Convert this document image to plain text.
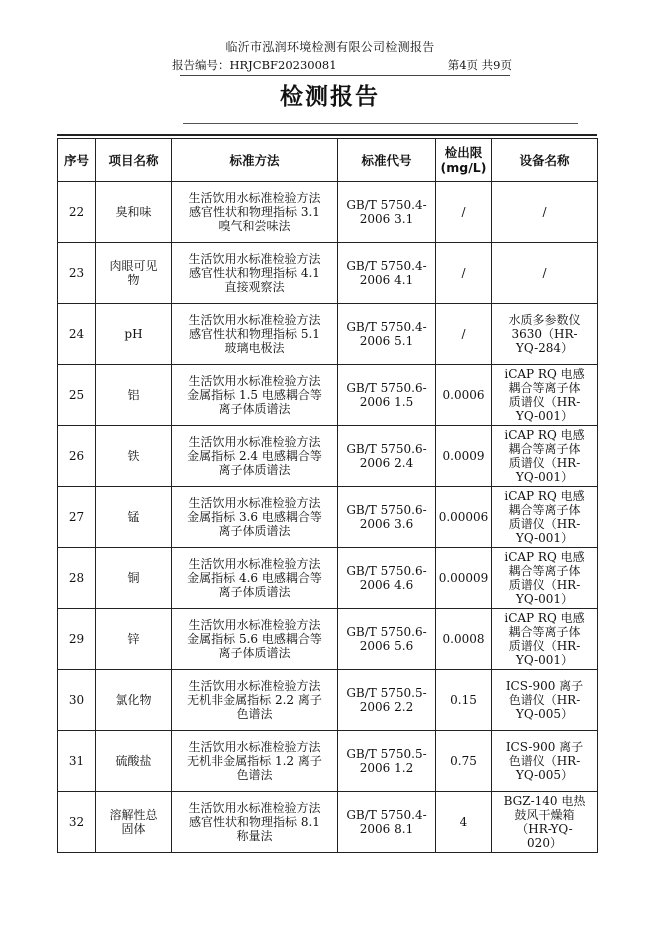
临沂市泓润环境检测有限公司检测报告
报告编号：HRJCBF20230081	第4页 共9页
检测报告
序号	项目名称	标准方法	标准代号	检出限
(mg/L)	设备名称
22	臭和味	生活饮用水标准检验方法
感官性状和物理指标 3.1
嗅气和尝味法	GB/T 5750.4-
2006 3.1	/	/
23	肉眼可见
物	生活饮用水标准检验方法
感官性状和物理指标 4.1
直接观察法	GB/T 5750.4-
2006 4.1	/	/
24	pH	生活饮用水标准检验方法
感官性状和物理指标 5.1
玻璃电极法	GB/T 5750.4-
2006 5.1	/	水质多参数仪
3630（HR-
YQ-284）
25	铝	生活饮用水标准检验方法
金属指标 1.5 电感耦合等
离子体质谱法	GB/T 5750.6-
2006 1.5	0.0006	iCAP RQ 电感
耦合等离子体
质谱仪（HR-
YQ-001）
26	铁	生活饮用水标准检验方法
金属指标 2.4 电感耦合等
离子体质谱法	GB/T 5750.6-
2006 2.4	0.0009	iCAP RQ 电感
耦合等离子体
质谱仪（HR-
YQ-001）
27	锰	生活饮用水标准检验方法
金属指标 3.6 电感耦合等
离子体质谱法	GB/T 5750.6-
2006 3.6	0.00006	iCAP RQ 电感
耦合等离子体
质谱仪（HR-
YQ-001）
28	铜	生活饮用水标准检验方法
金属指标 4.6 电感耦合等
离子体质谱法	GB/T 5750.6-
2006 4.6	0.00009	iCAP RQ 电感
耦合等离子体
质谱仪（HR-
YQ-001）
29	锌	生活饮用水标准检验方法
金属指标 5.6 电感耦合等
离子体质谱法	GB/T 5750.6-
2006 5.6	0.0008	iCAP RQ 电感
耦合等离子体
质谱仪（HR-
YQ-001）
30	氯化物	生活饮用水标准检验方法
无机非金属指标 2.2 离子
色谱法	GB/T 5750.5-
2006 2.2	0.15	ICS-900 离子
色谱仪（HR-
YQ-005）
31	硫酸盐	生活饮用水标准检验方法
无机非金属指标 1.2 离子
色谱法	GB/T 5750.5-
2006 1.2	0.75	ICS-900 离子
色谱仪（HR-
YQ-005）
32	溶解性总
固体	生活饮用水标准检验方法
感官性状和物理指标 8.1
称量法	GB/T 5750.4-
2006 8.1	4	BGZ-140 电热
鼓风干燥箱
（HR-YQ-
020）
